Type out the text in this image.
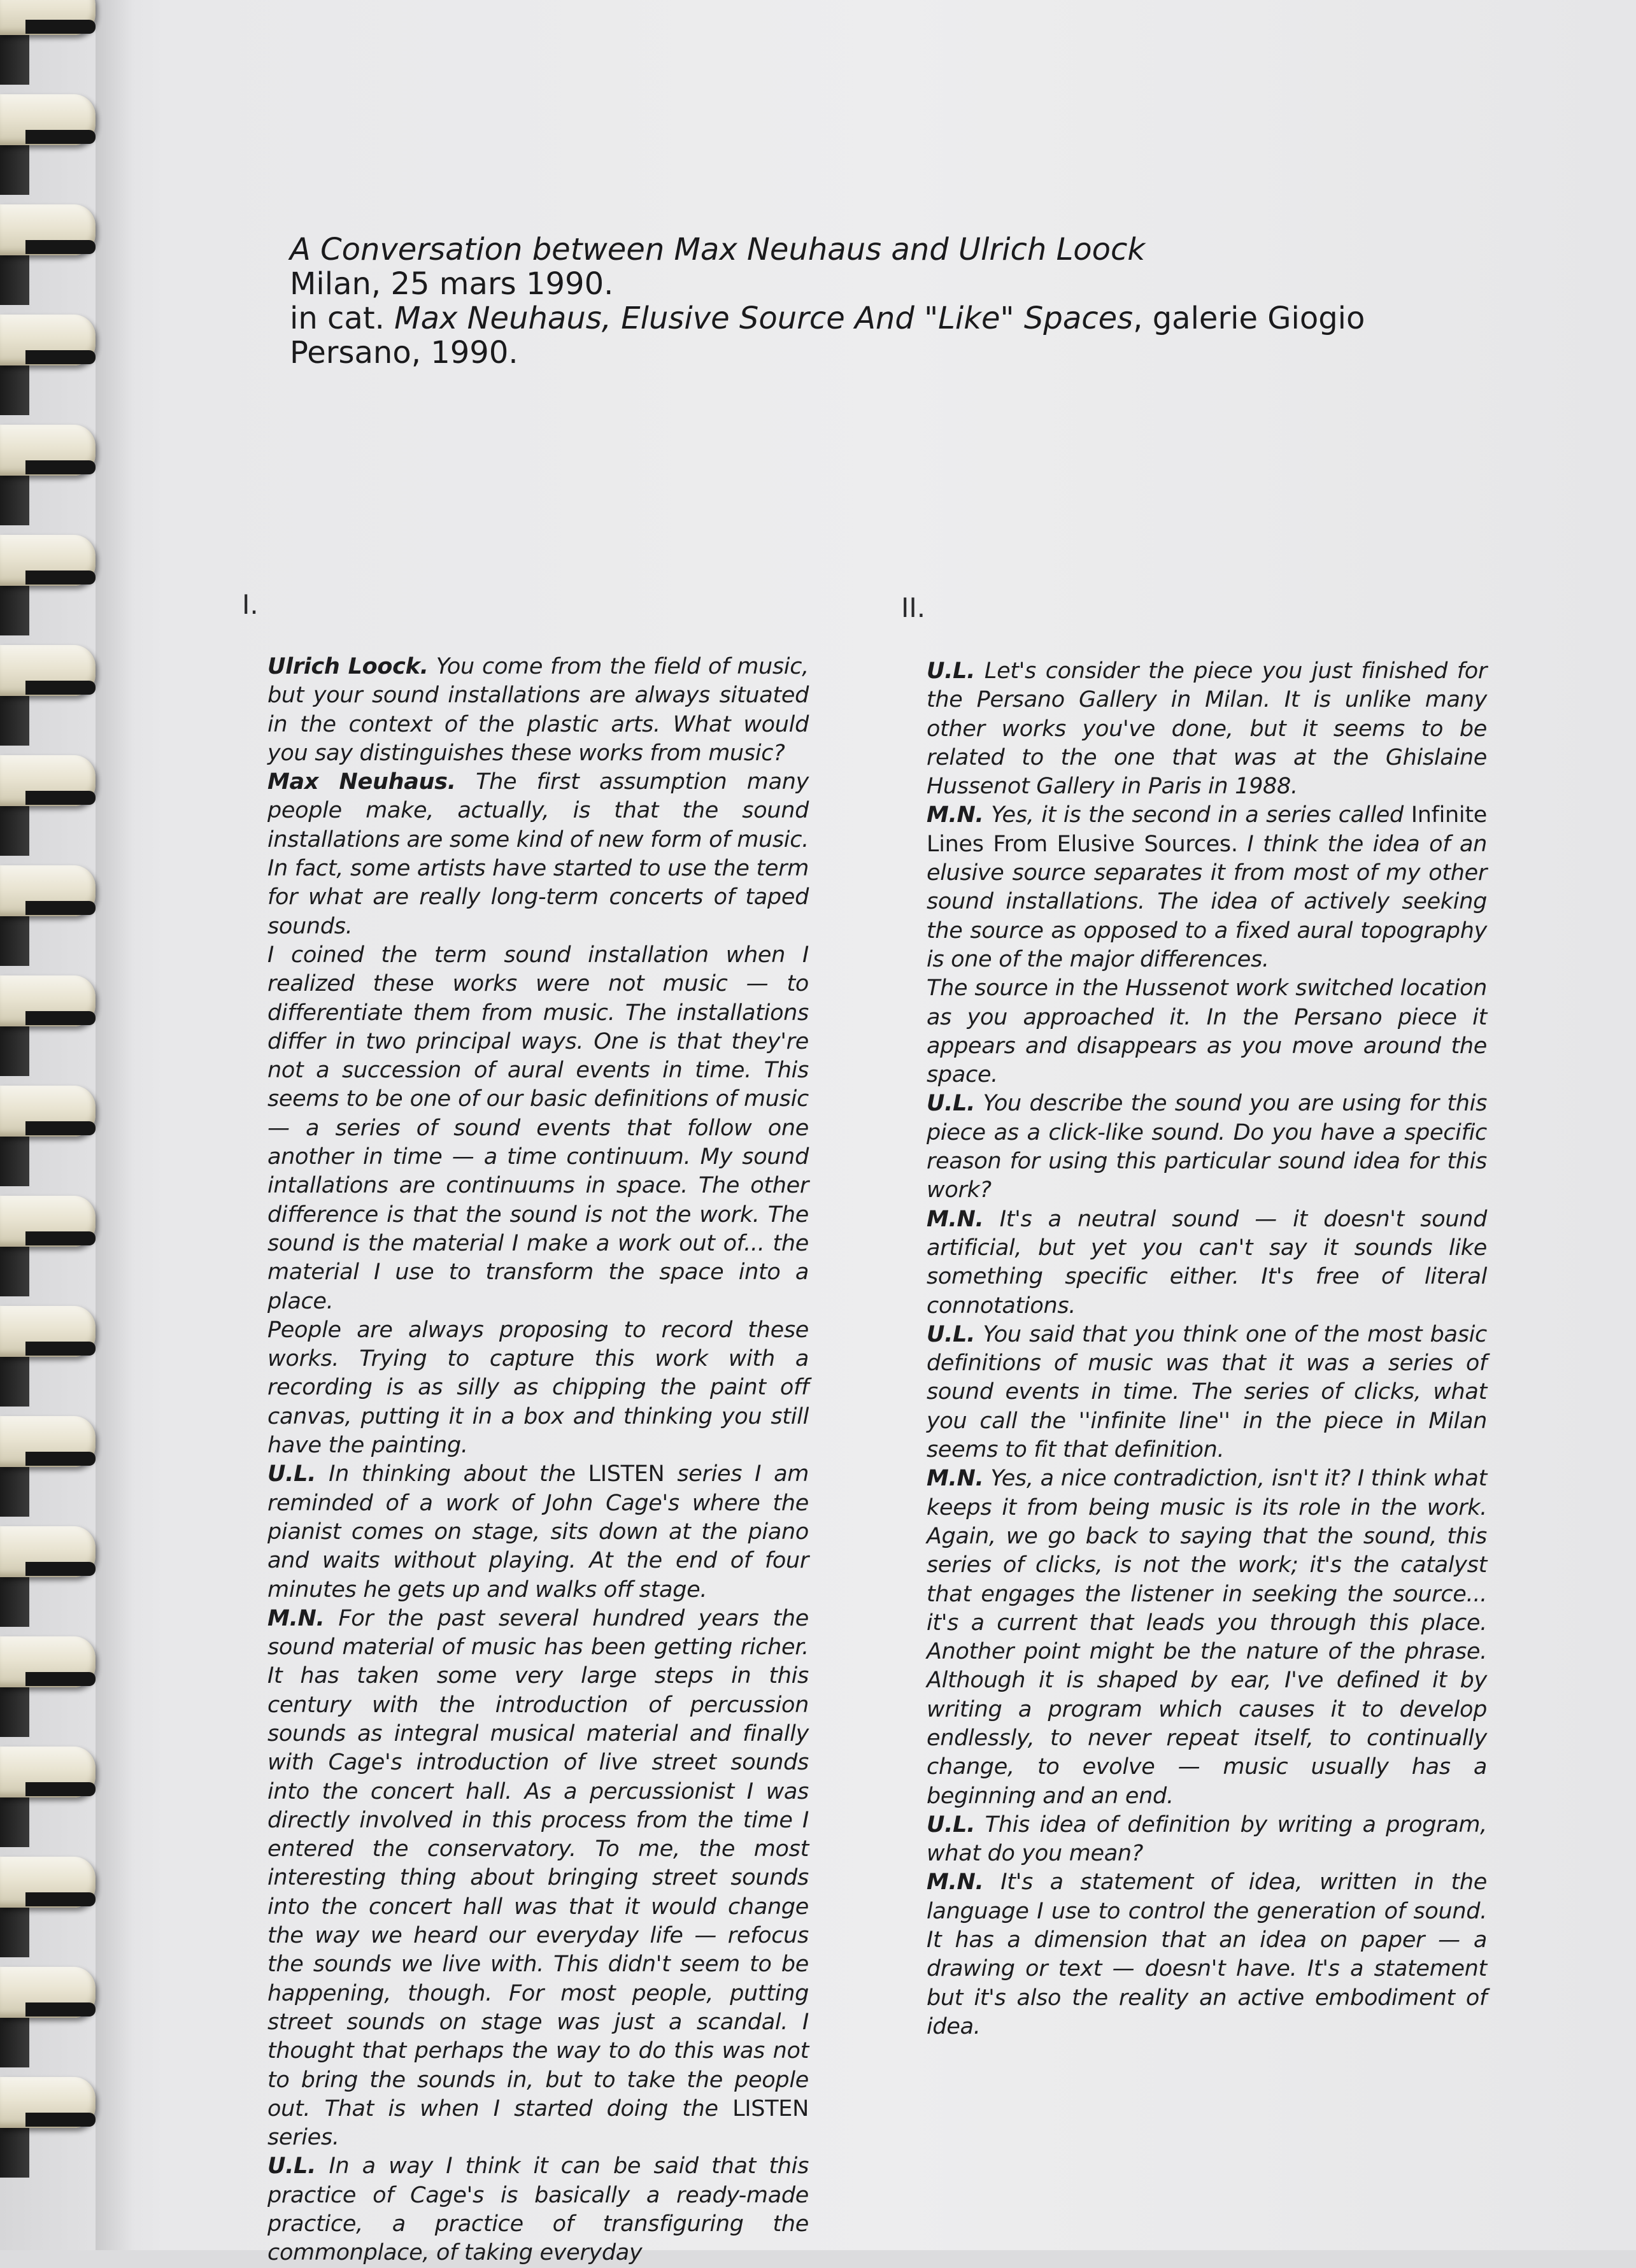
A Conversation between Max Neuhaus and Ulrich Loock
Milan, 25 mars 1990.
in cat. Max Neuhaus, Elusive Source And "Like" Spaces, galerie Giogio
Persano, 1990.
I.	II.

Ulrich Loock. You come from the field of music, but your sound installations are always situated in the context of the plastic arts. What would you say distinguishes these works from music?

Max Neuhaus. The first assumption many people make, actually, is that the sound installations are some kind of new form of music. In fact, some artists have started to use the term for what are really long-term concerts of taped sounds.

I coined the term sound installation when I realized these works were not music — to differentiate them from music. The installations differ in two principal ways. One is that they're not a succession of aural events in time. This seems to be one of our basic definitions of music — a series of sound events that follow one another in time — a time continuum. My sound intallations are continuums in space. The other difference is that the sound is not the work. The sound is the material I make a work out of... the material I use to transform the space into a place.

People are always proposing to record these works. Trying to capture this work with a recording is as silly as chipping the paint off canvas, putting it in a box and thinking you still have the painting.

U.L. In thinking about the LISTEN series I am reminded of a work of John Cage's where the pianist comes on stage, sits down at the piano and waits without playing. At the end of four minutes he gets up and walks off stage.

M.N. For the past several hundred years the sound material of music has been getting richer. It has taken some very large steps in this century with the introduction of percussion sounds as integral musical material and finally with Cage's introduction of live street sounds into the concert hall. As a percussionist I was directly involved in this process from the time I entered the conservatory. To me, the most interesting thing about bringing street sounds into the concert hall was that it would change the way we heard our everyday life — refocus the sounds we live with. This didn't seem to be happening, though. For most people, putting street sounds on stage was just a scandal. I thought that perhaps the way to do this was not to bring the sounds in, but to take the people out. That is when I started doing the LISTEN series.

U.L. In a way I think it can be said that this practice of Cage's is basically a ready-made practice, a practice of transfiguring the commonplace, of taking everyday

U.L. Let's consider the piece you just finished for the Persano Gallery in Milan. It is unlike many other works you've done, but it seems to be related to the one that was at the Ghislaine Hussenot Gallery in Paris in 1988.

M.N. Yes, it is the second in a series called Infinite Lines From Elusive Sources. I think the idea of an elusive source separates it from most of my other sound installations. The idea of actively seeking the source as opposed to a fixed aural topography is one of the major differences.

The source in the Hussenot work switched location as you approached it. In the Persano piece it appears and disappears as you move around the space.

U.L. You describe the sound you are using for this piece as a click-like sound. Do you have a specific reason for using this particular sound idea for this work?

M.N. It's a neutral sound — it doesn't sound artificial, but yet you can't say it sounds like something specific either. It's free of literal connotations.

U.L. You said that you think one of the most basic definitions of music was that it was a series of sound events in time. The series of clicks, what you call the ''infinite line'' in the piece in Milan seems to fit that definition.

M.N. Yes, a nice contradiction, isn't it? I think what keeps it from being music is its role in the work. Again, we go back to saying that the sound, this series of clicks, is not the work; it's the catalyst that engages the listener in seeking the source... it's a current that leads you through this place. Another point might be the nature of the phrase. Although it is shaped by ear, I've defined it by writing a program which causes it to develop endlessly, to never repeat itself, to continually change, to evolve — music usually has a beginning and an end.

U.L. This idea of definition by writing a program, what do you mean?

M.N. It's a statement of idea, written in the language I use to control the generation of sound. It has a dimension that an idea on paper — a drawing or text — doesn't have. It's a statement but it's also the reality an active embodiment of idea.
